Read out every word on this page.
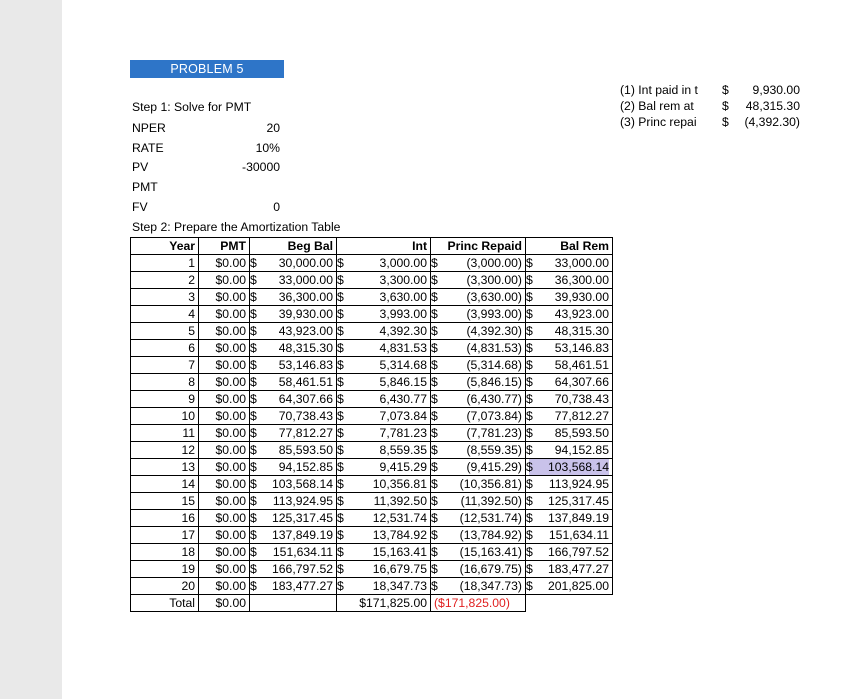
PROBLEM 5
Step 1: Solve for PMT
NPER	20
RATE	10%
PV	-30000
PMT
FV	0
Step 2: Prepare the Amortization Table
(1) Int paid in t	$ 9,930.00
(2) Bal rem at	$ 48,315.30
(3) Princ repai	$ (4,392.30)
Year	PMT	Beg Bal	Int	Princ Repaid	Bal Rem
1	$0.00	$ 30,000.00	$ 3,000.00	$ (3,000.00)	$ 33,000.00

2	$0.00	$ 33,000.00	$ 3,300.00	$ (3,300.00)	$ 36,300.00

3	$0.00	$ 36,300.00	$ 3,630.00	$ (3,630.00)	$ 39,930.00

4	$0.00	$ 39,930.00	$ 3,993.00	$ (3,993.00)	$ 43,923.00

5	$0.00	$ 43,923.00	$ 4,392.30	$ (4,392.30)	$ 48,315.30

6	$0.00	$ 48,315.30	$ 4,831.53	$ (4,831.53)	$ 53,146.83

7	$0.00	$ 53,146.83	$ 5,314.68	$ (5,314.68)	$ 58,461.51

8	$0.00	$ 58,461.51	$ 5,846.15	$ (5,846.15)	$ 64,307.66

9	$0.00	$ 64,307.66	$ 6,430.77	$ (6,430.77)	$ 70,738.43

10	$0.00	$ 70,738.43	$ 7,073.84	$ (7,073.84)	$ 77,812.27

11	$0.00	$ 77,812.27	$ 7,781.23	$ (7,781.23)	$ 85,593.50

12	$0.00	$ 85,593.50	$ 8,559.35	$ (8,559.35)	$ 94,152.85

13	$0.00	$ 94,152.85	$ 9,415.29	$ (9,415.29)	$ 103,568.14

14	$0.00	$ 103,568.14	$ 10,356.81	$ (10,356.81)	$ 113,924.95

15	$0.00	$ 113,924.95	$ 11,392.50	$ (11,392.50)	$ 125,317.45

16	$0.00	$ 125,317.45	$ 12,531.74	$ (12,531.74)	$ 137,849.19

17	$0.00	$ 137,849.19	$ 13,784.92	$ (13,784.92)	$ 151,634.11

18	$0.00	$ 151,634.11	$ 15,163.41	$ (15,163.41)	$ 166,797.52

19	$0.00	$ 166,797.52	$ 16,679.75	$ (16,679.75)	$ 183,477.27

20	$0.00	$ 183,477.27	$ 18,347.73	$ (18,347.73)	$ 201,825.00

Total	$0.00		$171,825.00	($171,825.00)	
